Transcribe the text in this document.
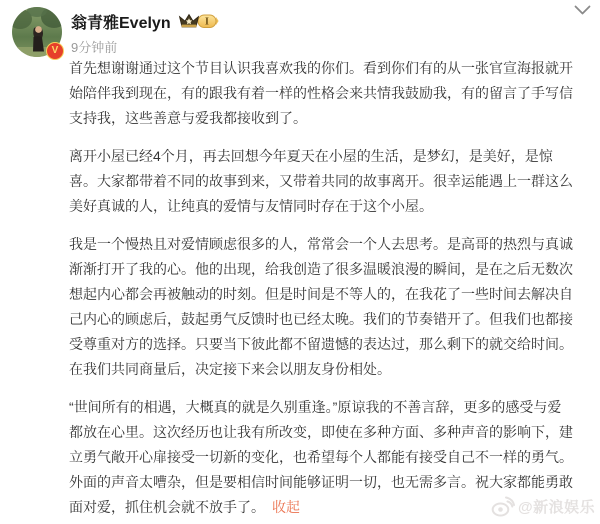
V
翁青雅Evelyn	I
9分钟前

首先想谢谢通过这个节目认识我喜欢我的你们。看到你们有的从一张官宣海报就开始陪伴我到现在，有的跟我有着一样的性格会来共情我鼓励我，有的留言了手写信支持我，这些善意与爱我都接收到了。

离开小屋已经4个月，再去回想今年夏天在小屋的生活，是梦幻，是美好，是惊喜。大家都带着不同的故事到来，又带着共同的故事离开。很幸运能遇上一群这么美好真诚的人，让纯真的爱情与友情同时存在于这个小屋。

我是一个慢热且对爱情顾虑很多的人，常常会一个人去思考。是高哥的热烈与真诚渐渐打开了我的心。他的出现，给我创造了很多温暖浪漫的瞬间，是在之后无数次想起内心都会再被触动的时刻。但是时间是不等人的，在我花了一些时间去解决自己内心的顾虑后，鼓起勇气反馈时也已经太晚。我们的节奏错开了。但我们也都接受尊重对方的选择。只要当下彼此都不留遗憾的表达过，那么剩下的就交给时间。在我们共同商量后，决定接下来会以朋友身份相处。

“世间所有的相遇，大概真的就是久别重逢。”原谅我的不善言辞，更多的感受与爱都放在心里。这次经历也让我有所改变，即使在多种方面、多种声音的影响下，建立勇气敞开心扉接受一切新的变化，也希望每个人都能有接受自己不一样的勇气。外面的声音太嘈杂，但是要相信时间能够证明一切，也无需多言。祝大家都能勇敢面对爱，抓住机会就不放手了。 收起	@新浪娱乐
